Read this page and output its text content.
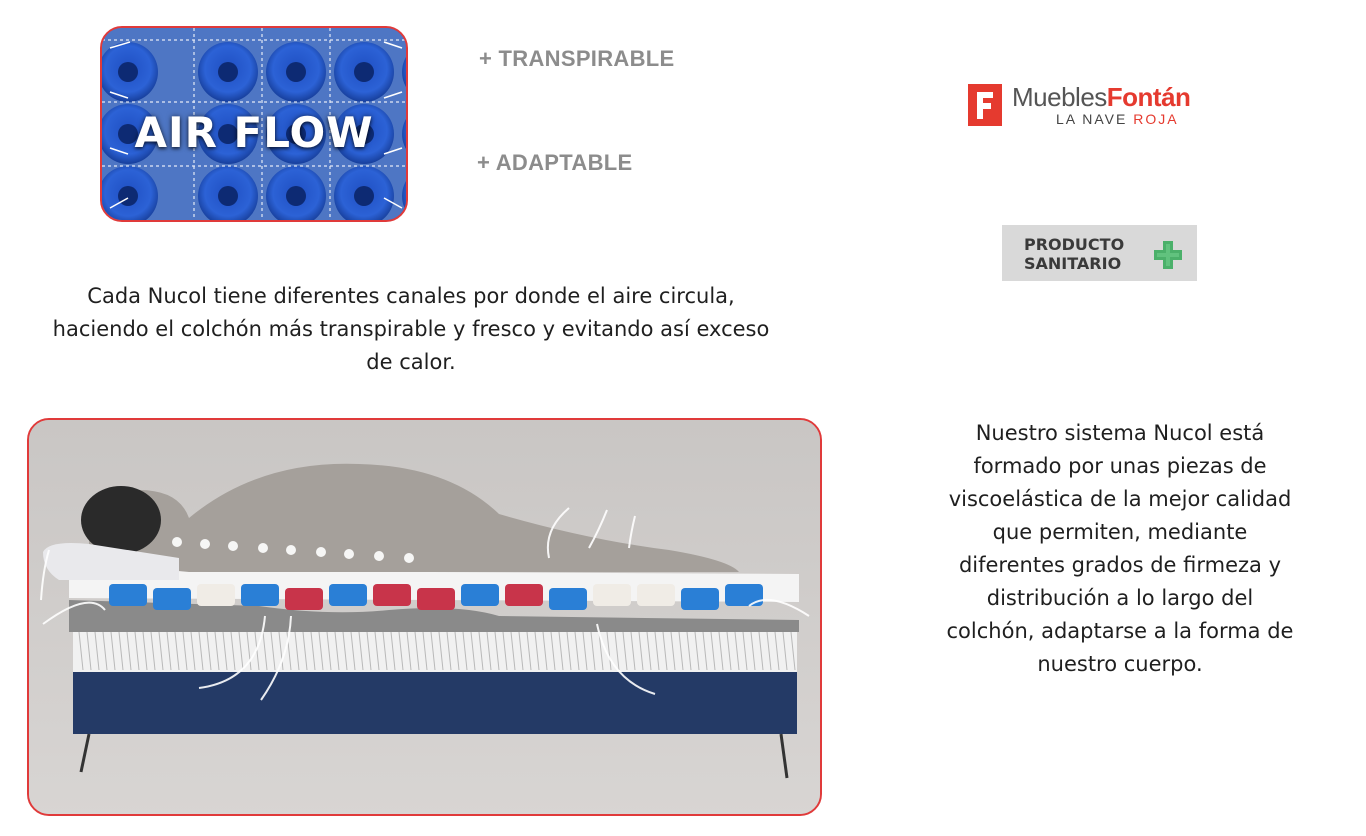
AIR FLOW
+ TRANSPIRABLE
+ ADAPTABLE
MueblesFontán
LA NAVE ROJA
PRODUCTO
SANITARIO
Cada Nucol tiene diferentes canales por donde el aire circula, haciendo el colchón más transpirable y fresco y evitando así exceso de calor.
Nuestro sistema Nucol está formado por unas piezas de viscoelástica de la mejor calidad que permiten, mediante diferentes grados de firmeza y distribución a lo largo del colchón, adaptarse a la forma de nuestro cuerpo.
